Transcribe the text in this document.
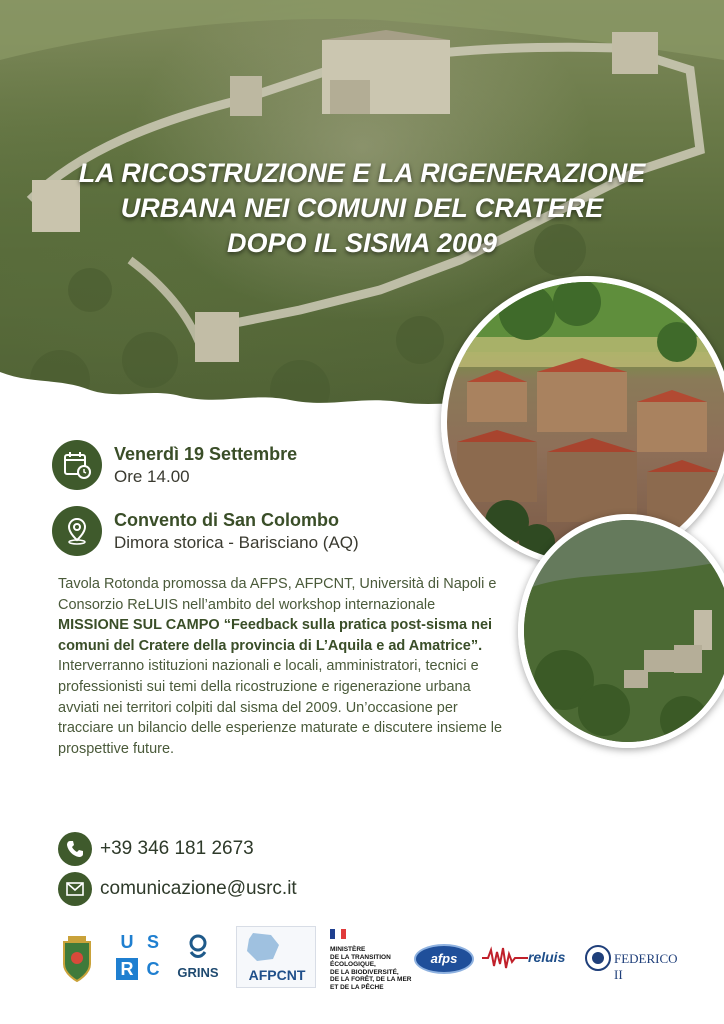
LA RICOSTRUZIONE E LA RIGENERAZIONE
URBANA NEI COMUNI DEL CRATERE
DOPO IL SISMA 2009
Venerdì 19 Settembre
Ore 14.00
Convento di San Colombo
Dimora storica - Barisciano (AQ)
Tavola Rotonda promossa da AFPS, AFPCNT, Università di Napoli e Consorzio ReLUIS nell’ambito del workshop internazionale MISSIONE SUL CAMPO “Feedback sulla pratica post-sisma nei comuni del Cratere della provincia di L’Aquila e ad Amatrice”.
Interverranno istituzioni nazionali e locali, amministratori, tecnici e professionisti sui temi della ricostruzione e rigenerazione urbana avviati nei territori colpiti dal sisma del 2009. Un’occasione per tracciare un bilancio delle esperienze maturate e discutere insieme le prospettive future.
+39 346 181 2673
comunicazione@usrc.it
U S
R C	GRINS	AFPCNT
MINISTÈRE
DE LA TRANSITION
ÉCOLOGIQUE,
DE LA BIODIVERSITÉ,
DE LA FORÊT, DE LA MER
ET DE LA PÊCHE
afps	reluis	FEDERICO II
